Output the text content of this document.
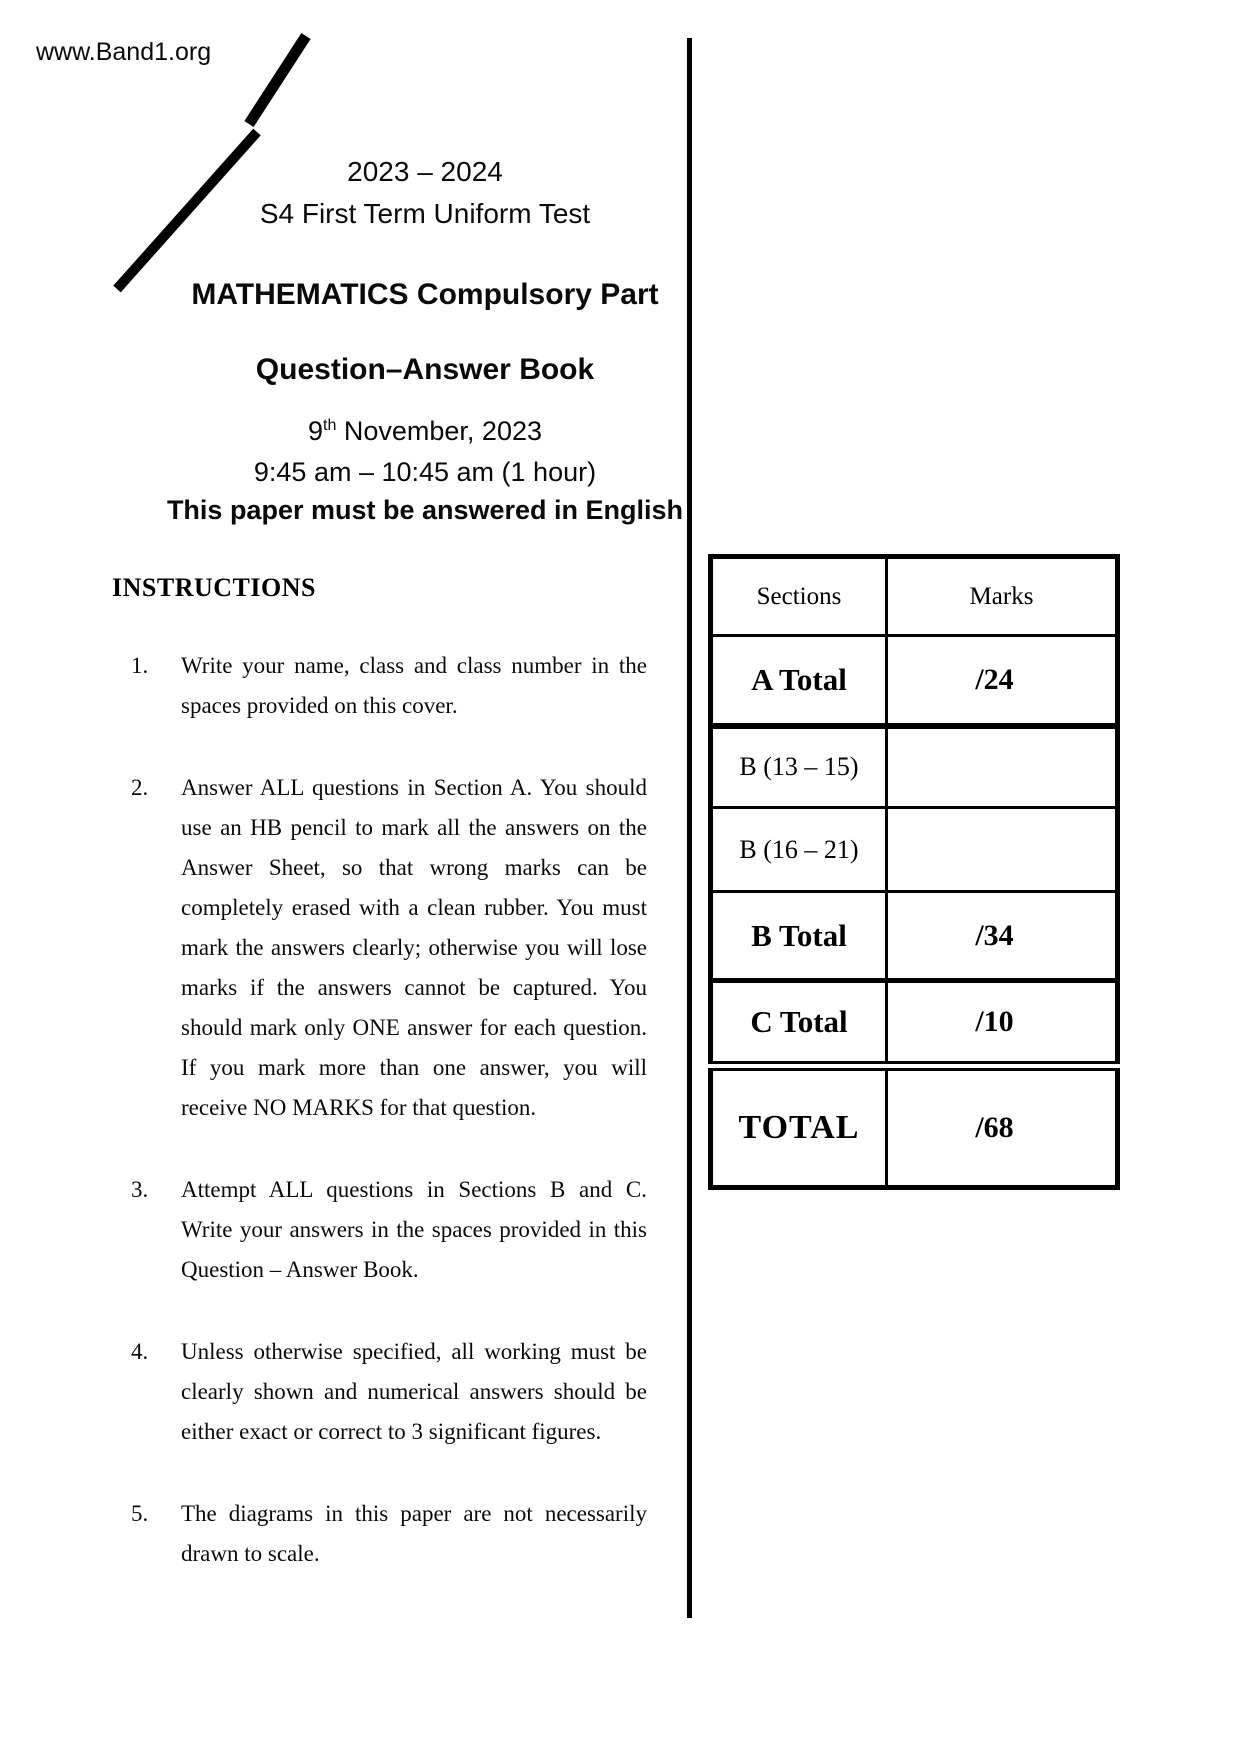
www.Band1.org
2023 – 2024
S4 First Term Uniform Test
MATHEMATICS Compulsory Part
Question–Answer Book
9th November, 2023
9:45 am – 10:45 am (1 hour)
This paper must be answered in English
INSTRUCTIONS
1.	Write your name, class and class number in the spaces provided on this cover.
2.	Answer ALL questions in Section A. You should use an HB pencil to mark all the answers on the Answer Sheet, so that wrong marks can be completely erased with a clean rubber. You must mark the answers clearly; otherwise you will lose marks if the answers cannot be captured. You should mark only ONE answer for each question. If you mark more than one answer, you will receive NO MARKS for that question.
3.	Attempt ALL questions in Sections B and C. Write your answers in the spaces provided in this Question – Answer Book.
4.	Unless otherwise specified, all working must be clearly shown and numerical answers should be either exact or correct to 3 significant figures.
5.	The diagrams in this paper are not necessarily drawn to scale.
Sections	Marks
A Total	/24
B (13 – 15)	
B (16 – 21)	
B Total	/34
C Total	/10
TOTAL	/68
